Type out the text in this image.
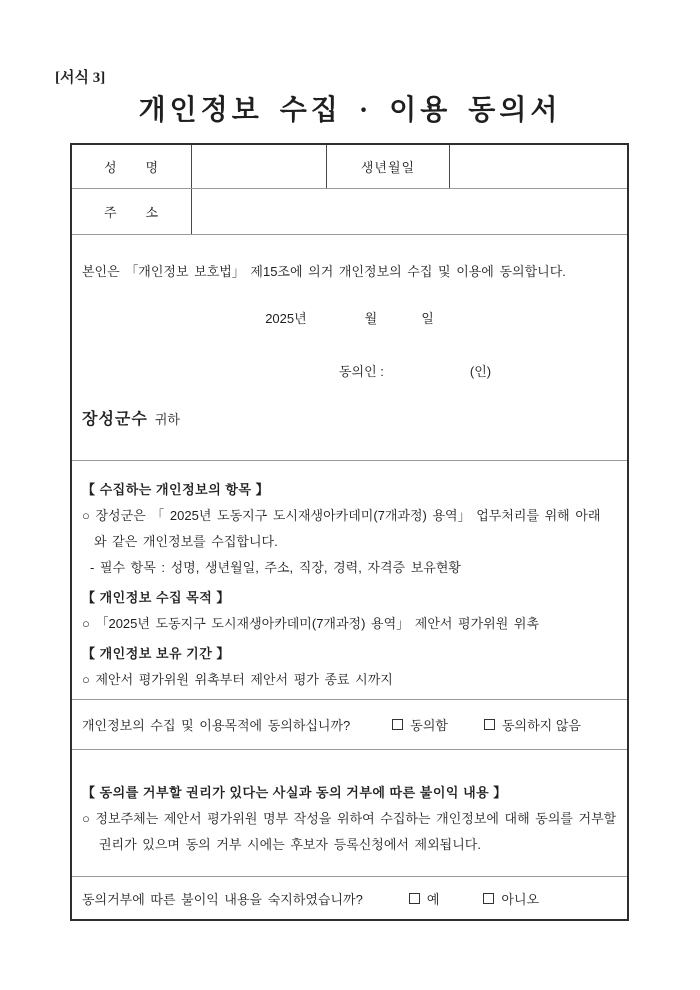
[서식 3]
개인정보 수집 · 이용 동의서
성　　명	생년월일
주　　소
본인은 「개인정보 보호법」 제15조에 의거 개인정보의 수집 및 이용에 동의합니다.
2025년	월	일
동의인 :	(인)
장성군수 귀하
【 수집하는 개인정보의 항목 】
○ 장성군은 「 2025년 도동지구 도시재생아카데미(7개과정) 용역」 업무처리를 위해 아래
와 같은 개인정보를 수집합니다.
- 필수 항목 : 성명, 생년월일, 주소, 직장, 경력, 자격증 보유현황
【 개인정보 수집 목적 】
○ 「2025년 도동지구 도시재생아카데미(7개과정) 용역」 제안서 평가위원 위촉
【 개인정보 보유 기간 】
○ 제안서 평가위원 위촉부터 제안서 평가 종료 시까지
개인정보의 수집 및 이용목적에 동의하십니까?	동의함	동의하지 않음
【 동의를 거부할 권리가 있다는 사실과 동의 거부에 따른 불이익 내용 】
○ 정보주체는 제안서 평가위원 명부 작성을 위하여 수집하는 개인정보에 대해 동의를 거부할
권리가 있으며 동의 거부 시에는 후보자 등록신청에서 제외됩니다.
동의거부에 따른 불이익 내용을 숙지하였습니까?	예	아니오
